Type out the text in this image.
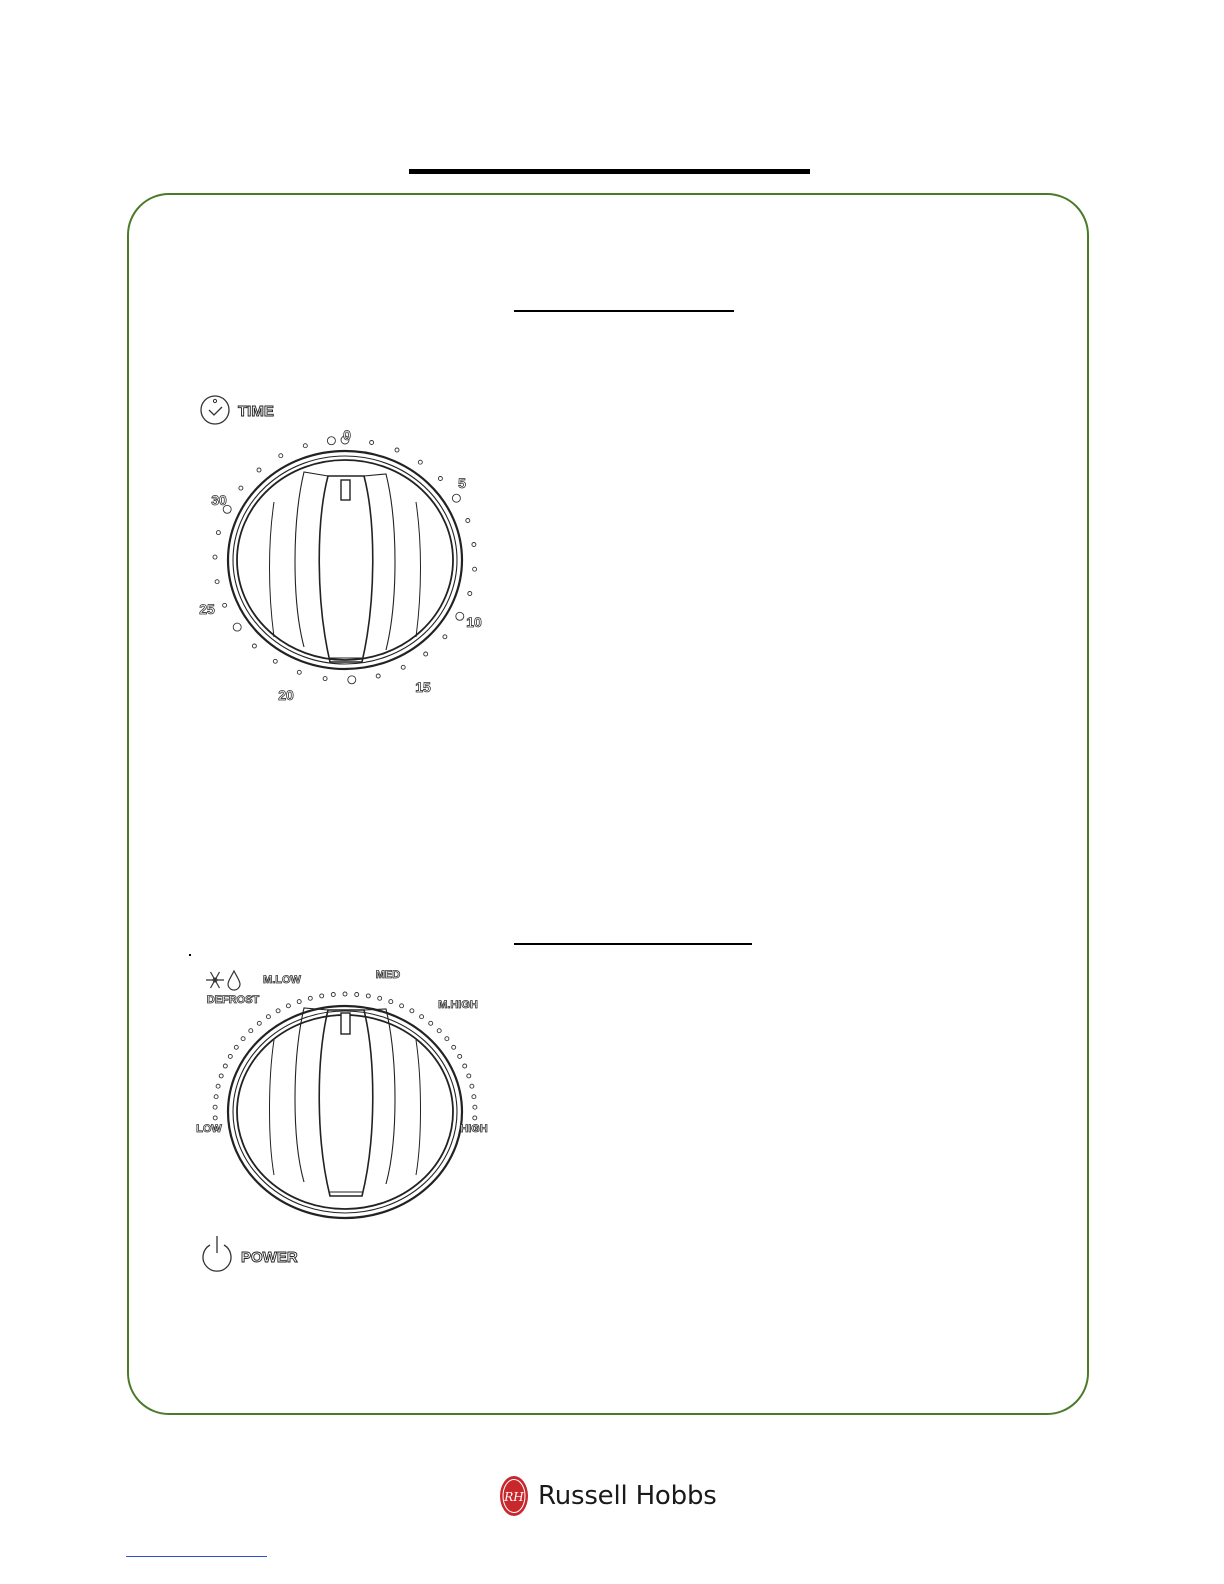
TIME
0
5
10
15
20
25
30
DEFROST
M.LOW	MED
M.HIGH
HIGH
LOW
POWER
RH Russell Hobbs
